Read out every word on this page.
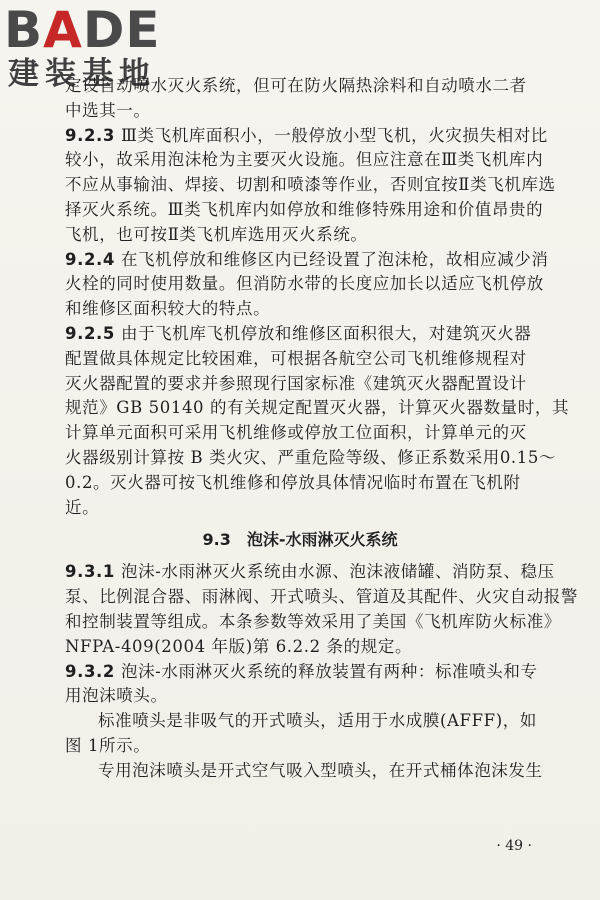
BADE
建装基地
定设自动喷水灭火系统，但可在防火隔热涂料和自动喷水二者
中选其一。
9.2.3 Ⅲ类飞机库面积小，一般停放小型飞机，火灾损失相对比
较小，故采用泡沫枪为主要灭火设施。但应注意在Ⅲ类飞机库内
不应从事输油、焊接、切割和喷漆等作业，否则宜按Ⅱ类飞机库选
择灭火系统。Ⅲ类飞机库内如停放和维修特殊用途和价值昂贵的
飞机，也可按Ⅱ类飞机库选用灭火系统。
9.2.4 在飞机停放和维修区内已经设置了泡沫枪，故相应减少消
火栓的同时使用数量。但消防水带的长度应加长以适应飞机停放
和维修区面积较大的特点。
9.2.5 由于飞机库飞机停放和维修区面积很大，对建筑灭火器
配置做具体规定比较困难，可根据各航空公司飞机维修规程对
灭火器配置的要求并参照现行国家标准《建筑灭火器配置设计
规范》GB 50140 的有关规定配置灭火器，计算灭火器数量时，其
计算单元面积可采用飞机维修或停放工位面积，计算单元的灭
火器级别计算按 B 类火灾、严重危险等级、修正系数采用0.15～
0.2。灭火器可按飞机维修和停放具体情况临时布置在飞机附
近。
9.3 泡沫-水雨淋灭火系统
9.3.1 泡沫-水雨淋灭火系统由水源、泡沫液储罐、消防泵、稳压
泵、比例混合器、雨淋阀、开式喷头、管道及其配件、火灾自动报警
和控制装置等组成。本条参数等效采用了美国《飞机库防火标准》
NFPA-409(2004 年版)第 6.2.2 条的规定。
9.3.2 泡沫-水雨淋灭火系统的释放装置有两种：标准喷头和专
用泡沫喷头。
标准喷头是非吸气的开式喷头，适用于水成膜(AFFF)，如
图 1所示。
专用泡沫喷头是开式空气吸入型喷头，在开式桶体泡沫发生
· 49 ·
